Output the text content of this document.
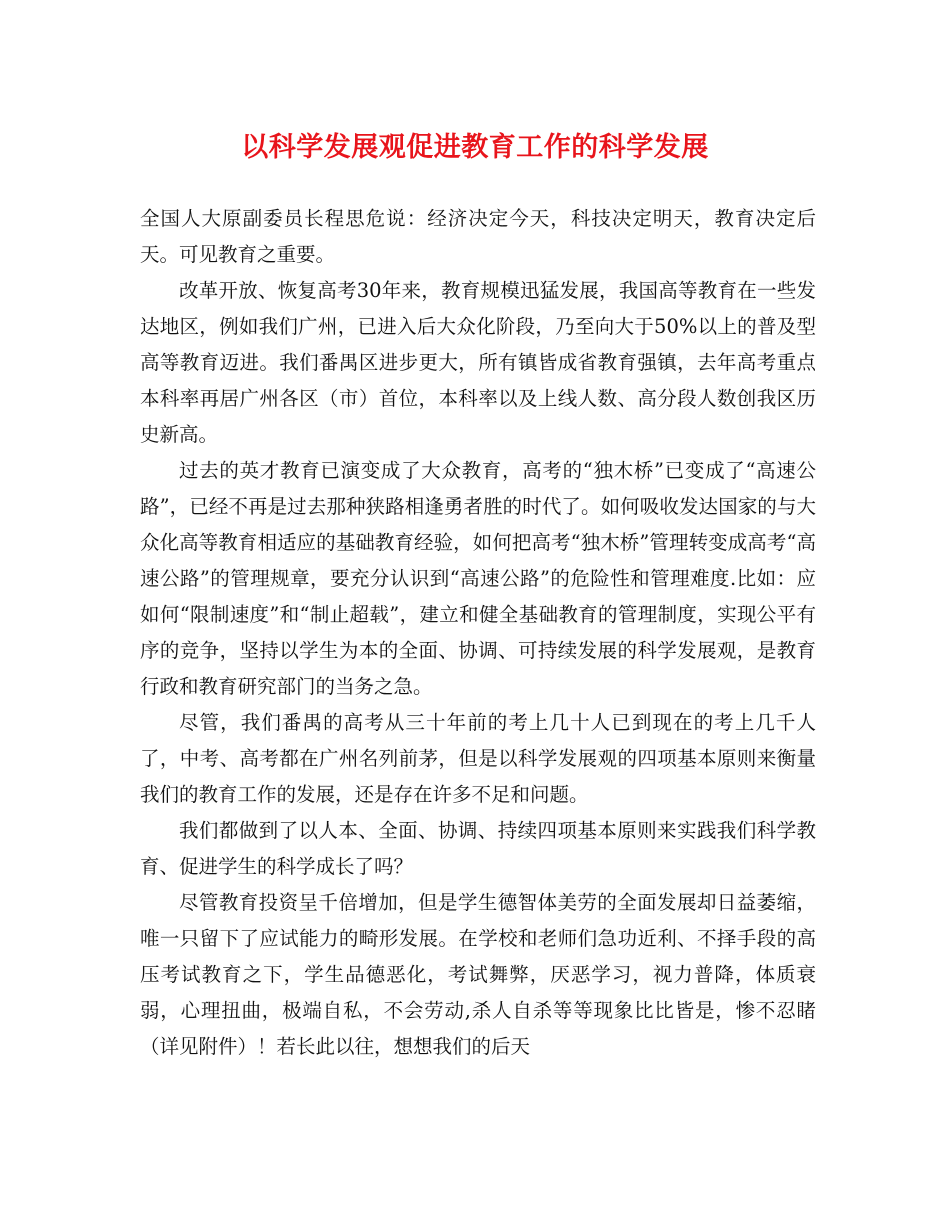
以科学发展观促进教育工作的科学发展

全国人大原副委员长程思危说：经济决定今天，科技决定明天，教育决定后天。可见教育之重要。

改革开放、恢复高考30年来，教育规模迅猛发展，我国高等教育在一些发达地区，例如我们广州，已进入后大众化阶段，乃至向大于50%以上的普及型高等教育迈进。我们番禺区进步更大，所有镇皆成省教育强镇，去年高考重点本科率再居广州各区（市）首位，本科率以及上线人数、高分段人数创我区历史新高。

过去的英才教育已演变成了大众教育，高考的“独木桥”已变成了“高速公路”，已经不再是过去那种狭路相逢勇者胜的时代了。如何吸收发达国家的与大众化高等教育相适应的基础教育经验，如何把高考“独木桥”管理转变成高考“高速公路”的管理规章，要充分认识到“高速公路”的危险性和管理难度.比如：应如何“限制速度”和“制止超载”，建立和健全基础教育的管理制度，实现公平有序的竞争，坚持以学生为本的全面、协调、可持续发展的科学发展观，是教育行政和教育研究部门的当务之急。

尽管，我们番禺的高考从三十年前的考上几十人已到现在的考上几千人了，中考、高考都在广州名列前茅，但是以科学发展观的四项基本原则来衡量我们的教育工作的发展，还是存在许多不足和问题。

我们都做到了以人本、全面、协调、持续四项基本原则来实践我们科学教育、促进学生的科学成长了吗？

尽管教育投资呈千倍增加，但是学生德智体美劳的全面发展却日益萎缩，唯一只留下了应试能力的畸形发展。在学校和老师们急功近利、不择手段的高压考试教育之下，学生品德恶化，考试舞弊，厌恶学习，视力普降，体质衰弱，心理扭曲，极端自私，不会劳动,杀人自杀等等现象比比皆是，惨不忍睹（详见附件）！若长此以往，想想我们的后天
